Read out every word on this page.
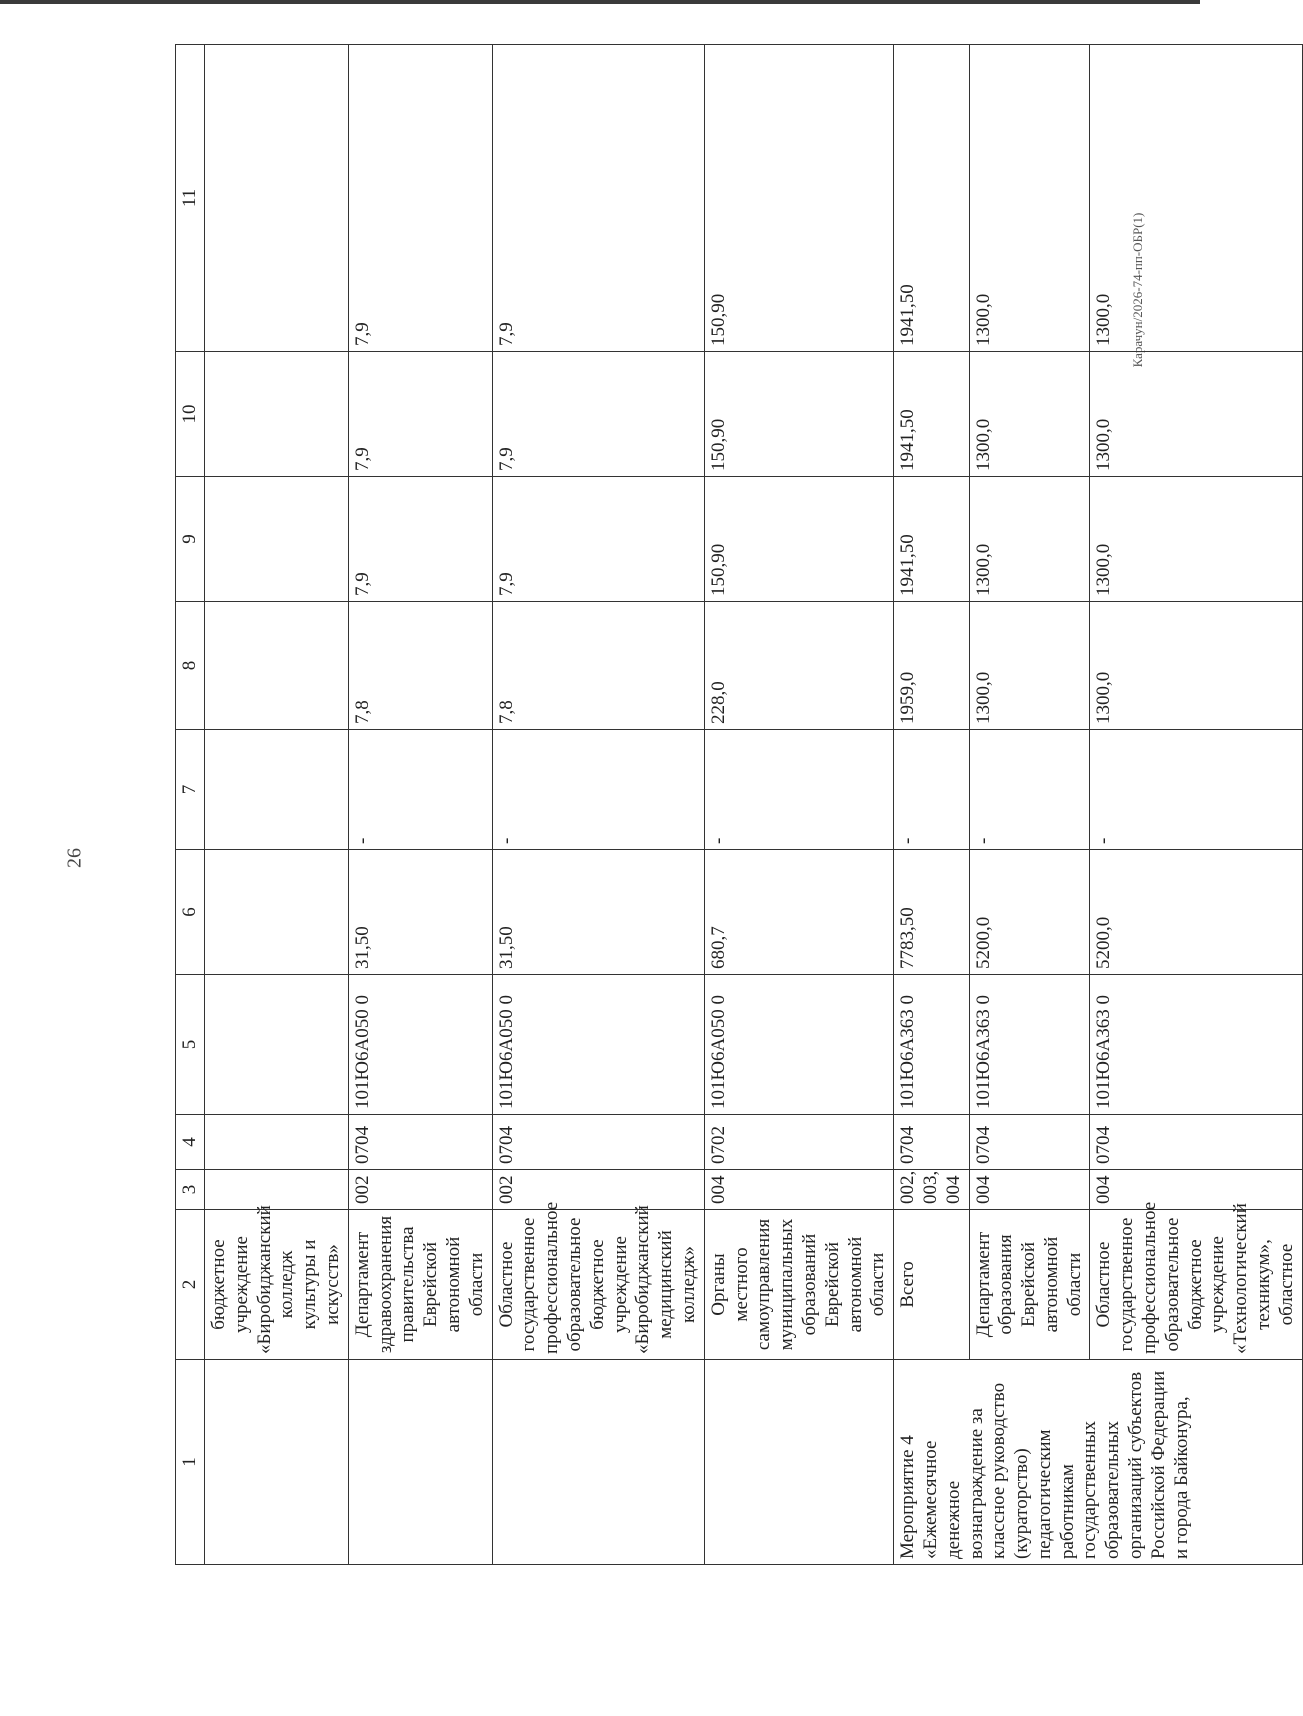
26
Карачун/2026-74-пп-ОБР(1)
1	2	3	4	5	6	7	8	9	10	11
	бюджетное учреждение «Биробиджанский колледж культуры и искусств»									
	Департамент здравоохранения правительства Еврейской автономной области	002	0704	101Ю6А050 0	31,50	-	7,8	7,9	7,9	7,9
	Областное государственное профессиональное образовательное бюджетное учреждение «Биробиджанский медицинский колледж»	002	0704	101Ю6А050 0	31,50	-	7,8	7,9	7,9	7,9
	Органы местного самоуправления муниципальных образований Еврейской автономной области	004	0702	101Ю6А050 0	680,7	-	228,0	150,90	150,90	150,90
Мероприятие 4 «Ежемесячное денежное вознаграждение за классное руководство (кураторство) педагогическим работникам государственных образовательных организаций субъектов Российской Федерации и города Байконура,	Всего	002, 003, 004	0704	101Ю6А363 0	7783,50	-	1959,0	1941,50	1941,50	1941,50
	Департамент образования Еврейской автономной области	004	0704	101Ю6А363 0	5200,0	-	1300,0	1300,0	1300,0	1300,0
	Областное государственное профессиональное образовательное бюджетное учреждение «Технологический техникум», областное	004	0704	101Ю6А363 0	5200,0	-	1300,0	1300,0	1300,0	1300,0
